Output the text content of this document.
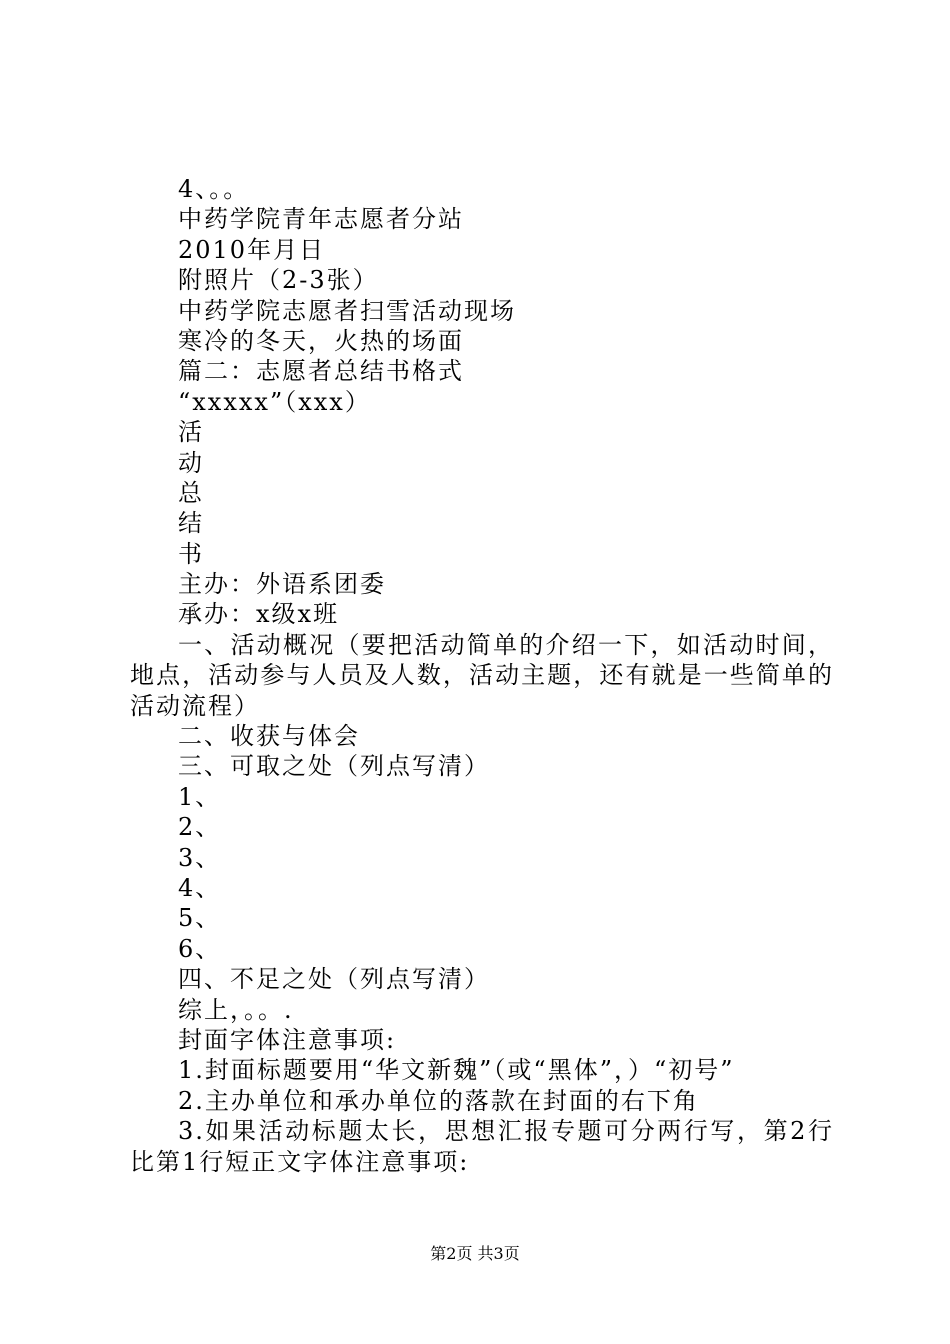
4、。。
中药学院青年志愿者分站
2010年月日
附照片（2-3张）
中药学院志愿者扫雪活动现场
寒冷的冬天，火热的场面
篇二：志愿者总结书格式
“xxxxx”（xxx）
活
动
总
结
书
主办：外语系团委
承办：x级x班

一、活动概况（要把活动简单的介绍一下，如活动时间，地点，活动参与人员及人数，活动主题，还有就是一些简单的活动流程）

二、收获与体会
三、可取之处（列点写清）
1、
2、
3、
4、
5、
6、
四、不足之处（列点写清）
综上，。。.
封面字体注意事项:
1.封面标题要用“华文新魏”（或“黑体”，）“初号”
2.主办单位和承办单位的落款在封面的右下角

3.如果活动标题太长，思想汇报专题可分两行写，第2行比第1行短正文字体注意事项:

第2页 共3页
